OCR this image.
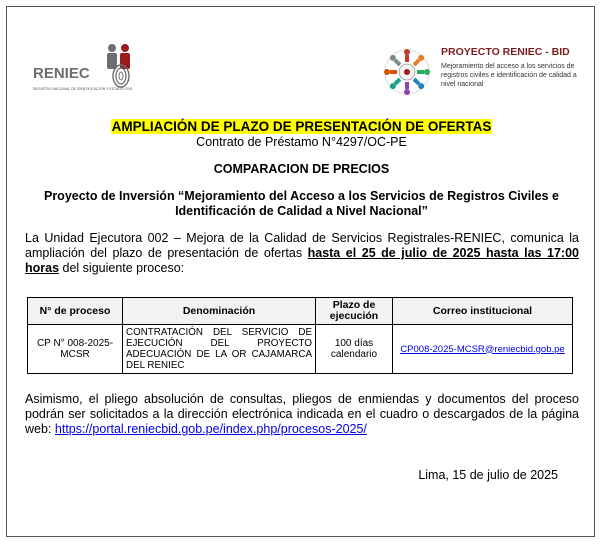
RENIEC
REGISTRO NACIONAL DE IDENTIFICACIÓN Y ESTADO CIVIL
PROYECTO RENIEC - BID
Mejoramiento del acceso a los servicios de registros civiles e identificación de calidad a nivel nacional
AMPLIACIÓN DE PLAZO DE PRESENTACIÓN DE OFERTAS
Contrato de Préstamo N°4297/OC-PE
COMPARACION DE PRECIOS
Proyecto de Inversión “Mejoramiento del Acceso a los Servicios de Registros Civiles e
Identificación de Calidad a Nivel Nacional”
La Unidad Ejecutora 002 – Mejora de la Calidad de Servicios Registrales-RENIEC, comunica la ampliación del plazo de presentación de ofertas hasta el 25 de julio de 2025 hasta las 17:00 horas del siguiente proceso:
N° de proceso	Denominación	Plazo de ejecución	Correo institucional
CP N° 008-2025-MCSR	CONTRATACIÓN DEL SERVICIO DE EJECUCIÓN DEL PROYECTO ADECUACIÓN DE LA OR CAJAMARCA DEL RENIEC	100 días calendario	CP008-2025-MCSR@reniecbid.gob.pe
Asimismo, el pliego absolución de consultas, pliegos de enmiendas y documentos del proceso podrán ser solicitados a la dirección electrónica indicada en el cuadro o descargados de la página web: https://portal.reniecbid.gob.pe/index.php/procesos-2025/
Lima, 15 de julio de 2025
